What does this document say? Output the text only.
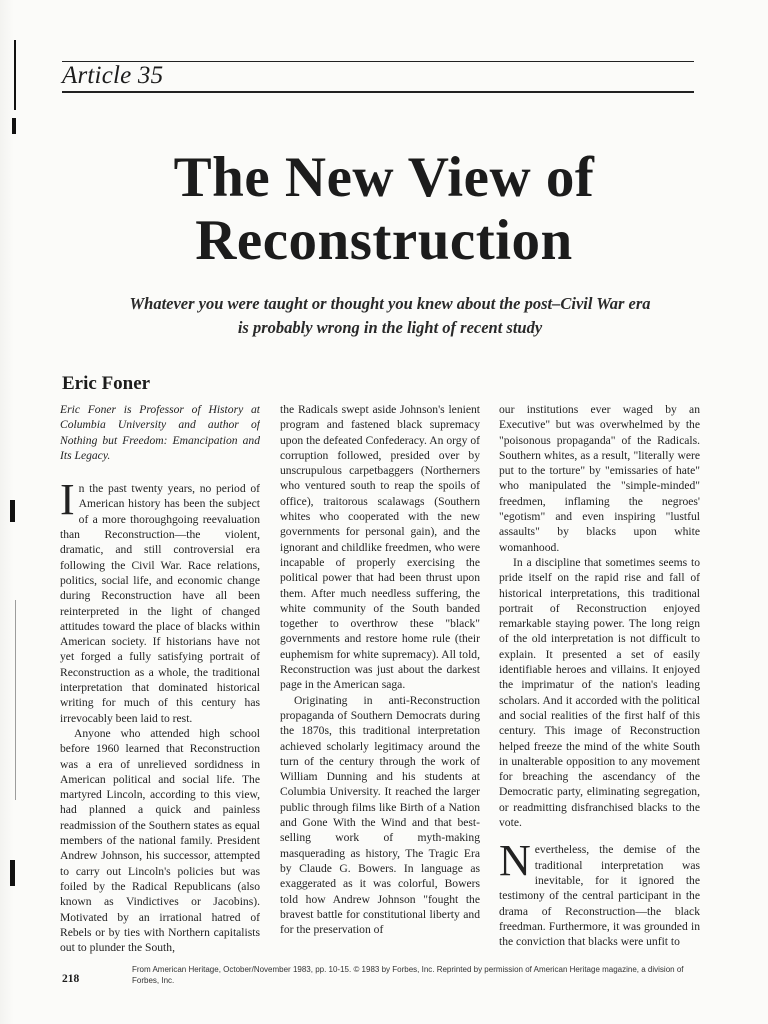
Article 35
The New View of
Reconstruction
Whatever you were taught or thought you knew about the post–Civil War era
is probably wrong in the light of recent study
Eric Foner

Eric Foner is Professor of History at Columbia University and author of Nothing but Freedom: Emancipation and Its Legacy.

In the past twenty years, no period of American history has been the subject of a more thoroughgoing reevaluation than Reconstruction—the violent, dramatic, and still controversial era following the Civil War. Race relations, politics, social life, and economic change during Reconstruction have all been reinterpreted in the light of changed attitudes toward the place of blacks within American society. If historians have not yet forged a fully satisfying portrait of Reconstruction as a whole, the traditional interpretation that dominated historical writing for much of this century has irrevocably been laid to rest.

Anyone who attended high school before 1960 learned that Reconstruction was a era of unrelieved sordidness in American political and social life. The martyred Lincoln, according to this view, had planned a quick and painless readmission of the Southern states as equal members of the national family. President Andrew Johnson, his successor, attempted to carry out Lincoln's policies but was foiled by the Radical Republicans (also known as Vindictives or Jacobins). Motivated by an irrational hatred of Rebels or by ties with Northern capitalists out to plunder the South,

the Radicals swept aside Johnson's lenient program and fastened black supremacy upon the defeated Confederacy. An orgy of corruption followed, presided over by unscrupulous carpetbaggers (Northerners who ventured south to reap the spoils of office), traitorous scalawags (Southern whites who cooperated with the new governments for personal gain), and the ignorant and childlike freedmen, who were incapable of properly exercising the political power that had been thrust upon them. After much needless suffering, the white community of the South banded together to overthrow these "black" governments and restore home rule (their euphemism for white supremacy). All told, Reconstruction was just about the darkest page in the American saga.

Originating in anti-Reconstruction propaganda of Southern Democrats during the 1870s, this traditional interpretation achieved scholarly legitimacy around the turn of the century through the work of William Dunning and his students at Columbia University. It reached the larger public through films like Birth of a Nation and Gone With the Wind and that best-selling work of myth-making masquerading as history, The Tragic Era by Claude G. Bowers. In language as exaggerated as it was colorful, Bowers told how Andrew Johnson "fought the bravest battle for constitutional liberty and for the preservation of

our institutions ever waged by an Executive" but was overwhelmed by the "poisonous propaganda" of the Radicals. Southern whites, as a result, "literally were put to the torture" by "emissaries of hate" who manipulated the "simple-minded" freedmen, inflaming the negroes' "egotism" and even inspiring "lustful assaults" by blacks upon white womanhood.

In a discipline that sometimes seems to pride itself on the rapid rise and fall of historical interpretations, this traditional portrait of Reconstruction enjoyed remarkable staying power. The long reign of the old interpretation is not difficult to explain. It presented a set of easily identifiable heroes and villains. It enjoyed the imprimatur of the nation's leading scholars. And it accorded with the political and social realities of the first half of this century. This image of Reconstruction helped freeze the mind of the white South in unalterable opposition to any movement for breaching the ascendancy of the Democratic party, eliminating segregation, or readmitting disfranchised blacks to the vote.

Nevertheless, the demise of the traditional interpretation was inevitable, for it ignored the testimony of the central participant in the drama of Reconstruction—the black freedman. Furthermore, it was grounded in the conviction that blacks were unfit to

218
From American Heritage, October/November 1983, pp. 10-15. © 1983 by Forbes, Inc. Reprinted by permission of American Heritage magazine, a division of Forbes, Inc.
